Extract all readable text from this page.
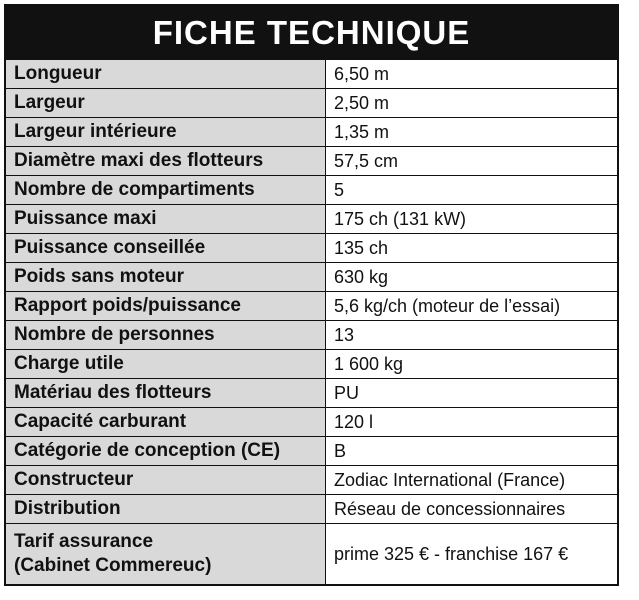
FICHE TECHNIQUE
Longueur	6,50 m
Largeur	2,50 m
Largeur intérieure	1,35 m
Diamètre maxi des flotteurs	57,5 cm
Nombre de compartiments	5
Puissance maxi	175 ch (131 kW)
Puissance conseillée	135 ch
Poids sans moteur	630 kg
Rapport poids/puissance	5,6 kg/ch (moteur de l’essai)
Nombre de personnes	13
Charge utile	1 600 kg
Matériau des flotteurs	PU
Capacité carburant	120 l
Catégorie de conception (CE)	B
Constructeur	Zodiac International (France)
Distribution	Réseau de concessionnaires

Tarif assurance
(Cabinet Commereuc)	prime 325 € - franchise 167 €
